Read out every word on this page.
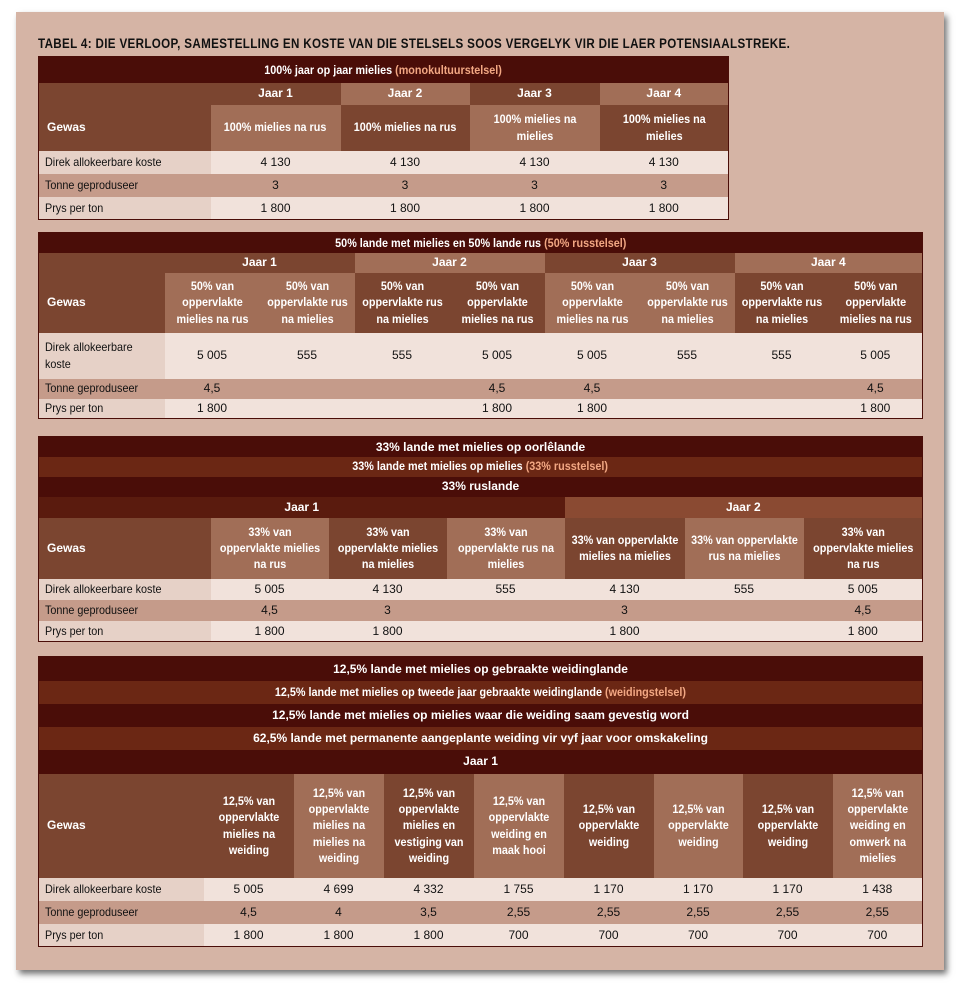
TABEL 4: DIE VERLOOP, SAMESTELLING EN KOSTE VAN DIE STELSELS SOOS VERGELYK VIR DIE LAER POTENSIAALSTREKE.
100% jaar op jaar mielies (monokultuurstelsel)				
	Jaar 1	Jaar 2	Jaar 3	Jaar 4
Gewas	100% mielies na rus	100% mielies na rus	100% mielies na mielies	100% mielies na mielies
Direk allokeerbare koste	4 130	4 130	4 130	4 130
Tonne geproduseer	3	3	3	3
Prys per ton	1 800	1 800	1 800	1 800
50% lande met mielies en 50% lande rus (50% russtelsel)								
	Jaar 1		Jaar 2		Jaar 3		Jaar 4	
Gewas	50% van oppervlakte mielies na rus	50% van oppervlakte rus na mielies	50% van oppervlakte rus na mielies	50% van oppervlakte mielies na rus	50% van oppervlakte mielies na rus	50% van oppervlakte rus na mielies	50% van oppervlakte rus na mielies	50% van oppervlakte mielies na rus
Direk allokeerbare koste	5 005	555	555	5 005	5 005	555	555	5 005
Tonne geproduseer	4,5			4,5	4,5			4,5
Prys per ton	1 800			1 800	1 800			1 800
33% lande met mielies op oorlêlande						
33% lande met mielies op mielies (33% russtelsel)						
33% ruslande						
Jaar 1				Jaar 2		
Gewas	33% van oppervlakte mielies na rus	33% van oppervlakte mielies na mielies	33% van oppervlakte rus na mielies	33% van oppervlakte mielies na mielies	33% van oppervlakte rus na mielies	33% van oppervlakte mielies na rus
Direk allokeerbare koste	5 005	4 130	555	4 130	555	5 005
Tonne geproduseer	4,5	3		3		4,5
Prys per ton	1 800	1 800		1 800		1 800
12,5% lande met mielies op gebraakte weidinglande								
12,5% lande met mielies op tweede jaar gebraakte weidinglande (weidingstelsel)								
12,5% lande met mielies op mielies waar die weiding saam gevestig word								
62,5% lande met permanente aangeplante weiding vir vyf jaar voor omskakeling								
Jaar 1								
Gewas	12,5% van oppervlakte mielies na weiding	12,5% van oppervlakte mielies na mielies na weiding	12,5% van oppervlakte mielies en vestiging van weiding	12,5% van oppervlakte weiding en maak hooi	12,5% van oppervlakte weiding	12,5% van oppervlakte weiding	12,5% van oppervlakte weiding	12,5% van oppervlakte weiding en omwerk na mielies
Direk allokeerbare koste	5 005	4 699	4 332	1 755	1 170	1 170	1 170	1 438
Tonne geproduseer	4,5	4	3,5	2,55	2,55	2,55	2,55	2,55
Prys per ton	1 800	1 800	1 800	700	700	700	700	700
